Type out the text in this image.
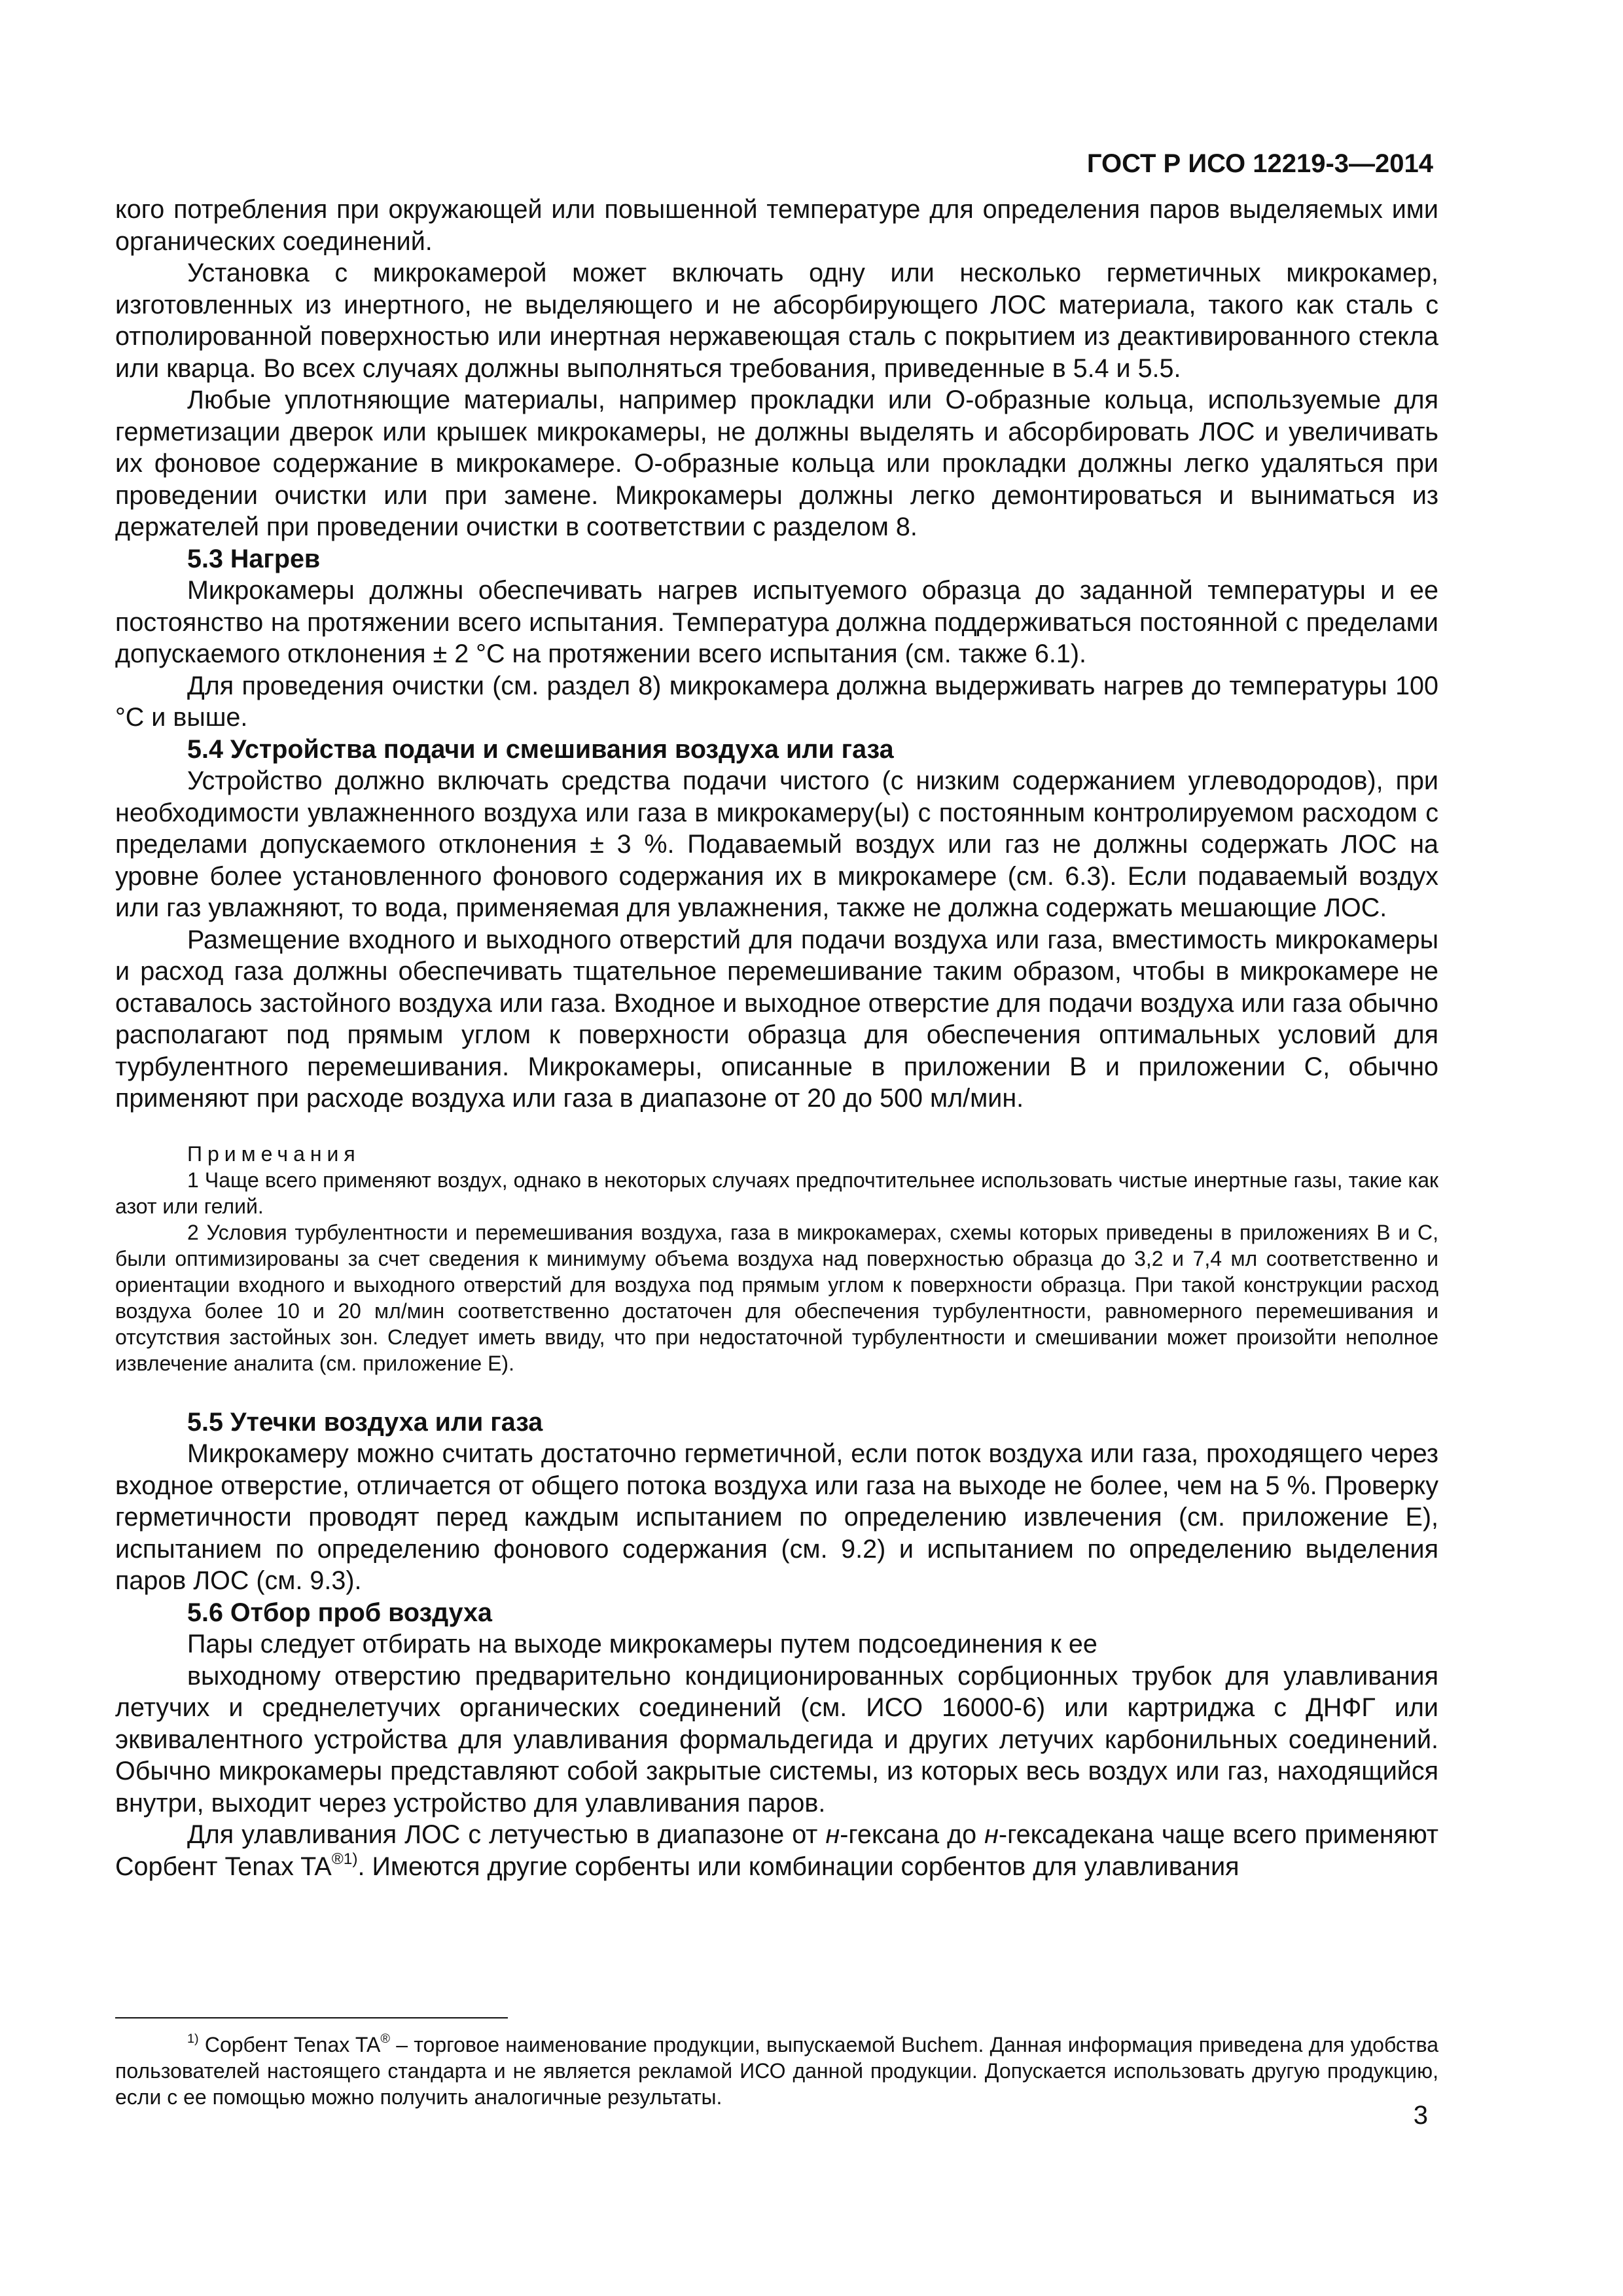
ГОСТ Р ИСО 12219-3—2014

кого потребления при окружающей или повышенной температуре для определения паров выделяемых ими органических соединений.

Установка с микрокамерой может включать одну или несколько герметичных микрокамер, изготовленных из инертного, не выделяющего и не абсорбирующего ЛОС материала, такого как сталь с отполированной поверхностью или инертная нержавеющая сталь с покрытием из деактивированного стекла или кварца. Во всех случаях должны выполняться требования, приведенные в 5.4 и 5.5.

Любые уплотняющие материалы, например прокладки или О-образные кольца, используемые для герметизации дверок или крышек микрокамеры, не должны выделять и абсорбировать ЛОС и увеличивать их фоновое содержание в микрокамере. О-образные кольца или прокладки должны легко удаляться при проведении очистки или при замене. Микрокамеры должны легко демонтироваться и выниматься из держателей при проведении очистки в соответствии с разделом 8.

5.3 Нагрев

Микрокамеры должны обеспечивать нагрев испытуемого образца до заданной температуры и ее постоянство на протяжении всего испытания. Температура должна поддерживаться постоянной с пределами допускаемого отклонения ± 2 °С на протяжении всего испытания (см. также 6.1).

Для проведения очистки (см. раздел 8) микрокамера должна выдерживать нагрев до температуры 100 °С и выше.

5.4 Устройства подачи и смешивания воздуха или газа

Устройство должно включать средства подачи чистого (с низким содержанием углеводородов), при необходимости увлажненного воздуха или газа в микрокамеру(ы) с постоянным контролируемом расходом с пределами допускаемого отклонения ± 3 %. Подаваемый воздух или газ не должны содержать ЛОС на уровне более установленного фонового содержания их в микрокамере (см. 6.3). Если подаваемый воздух или газ увлажняют, то вода, применяемая для увлажнения, также не должна содержать мешающие ЛОС.

Размещение входного и выходного отверстий для подачи воздуха или газа, вместимость микрокамеры и расход газа должны обеспечивать тщательное перемешивание таким образом, чтобы в микрокамере не оставалось застойного воздуха или газа. Входное и выходное отверстие для подачи воздуха или газа обычно располагают под прямым углом к поверхности образца для обеспечения оптимальных условий для турбулентного перемешивания. Микрокамеры, описанные в приложении В и приложении С, обычно применяют при расходе воздуха или газа в диапазоне от 20 до 500 мл/мин.

Примечания

1 Чаще всего применяют воздух, однако в некоторых случаях предпочтительнее использовать чистые инертные газы, такие как азот или гелий.

2 Условия турбулентности и перемешивания воздуха, газа в микрокамерах, схемы которых приведены в приложениях В и С, были оптимизированы за счет сведения к минимуму объема воздуха над поверхностью образца до 3,2 и 7,4 мл соответственно и ориентации входного и выходного отверстий для воздуха под прямым углом к поверхности образца. При такой конструкции расход воздуха более 10 и 20 мл/мин соответственно достаточен для обеспечения турбулентности, равномерного перемешивания и отсутствия застойных зон. Следует иметь ввиду, что при недостаточной турбулентности и смешивании может произойти неполное извлечение аналита (см. приложение Е).

5.5 Утечки воздуха или газа

Микрокамеру можно считать достаточно герметичной, если поток воздуха или газа, проходящего через входное отверстие, отличается от общего потока воздуха или газа на выходе не более, чем на 5 %. Проверку герметичности проводят перед каждым испытанием по определению извлечения (см. приложение Е), испытанием по определению фонового содержания (см. 9.2) и испытанием по определению выделения паров ЛОС (см. 9.3).

5.6 Отбор проб воздуха

Пары следует отбирать на выходе микрокамеры путем подсоединения к ее

выходному отверстию предварительно кондиционированных сорбционных трубок для улавливания летучих и среднелетучих органических соединений (см. ИСО 16000-6) или картриджа с ДНФГ или эквивалентного устройства для улавливания формальдегида и других летучих карбонильных соединений. Обычно микрокамеры представляют собой закрытые системы, из которых весь воздух или газ, находящийся внутри, выходит через устройство для улавливания паров.

Для улавливания ЛОС с летучестью в диапазоне от н-гексана до н-гексадекана чаще всего применяют Сорбент Tenax $TA^{®1)}$. Имеются другие сорбенты или комбинации сорбентов для улавливания

$^{1)}$ Сорбент Tenax TA® – торговое наименование продукции, выпускаемой Buchem. Данная информация приведена для удобства пользователей настоящего стандарта и не является рекламой ИСО данной продукции. Допускается использовать другую продукцию, если с ее помощью можно получить аналогичные результаты.

3
